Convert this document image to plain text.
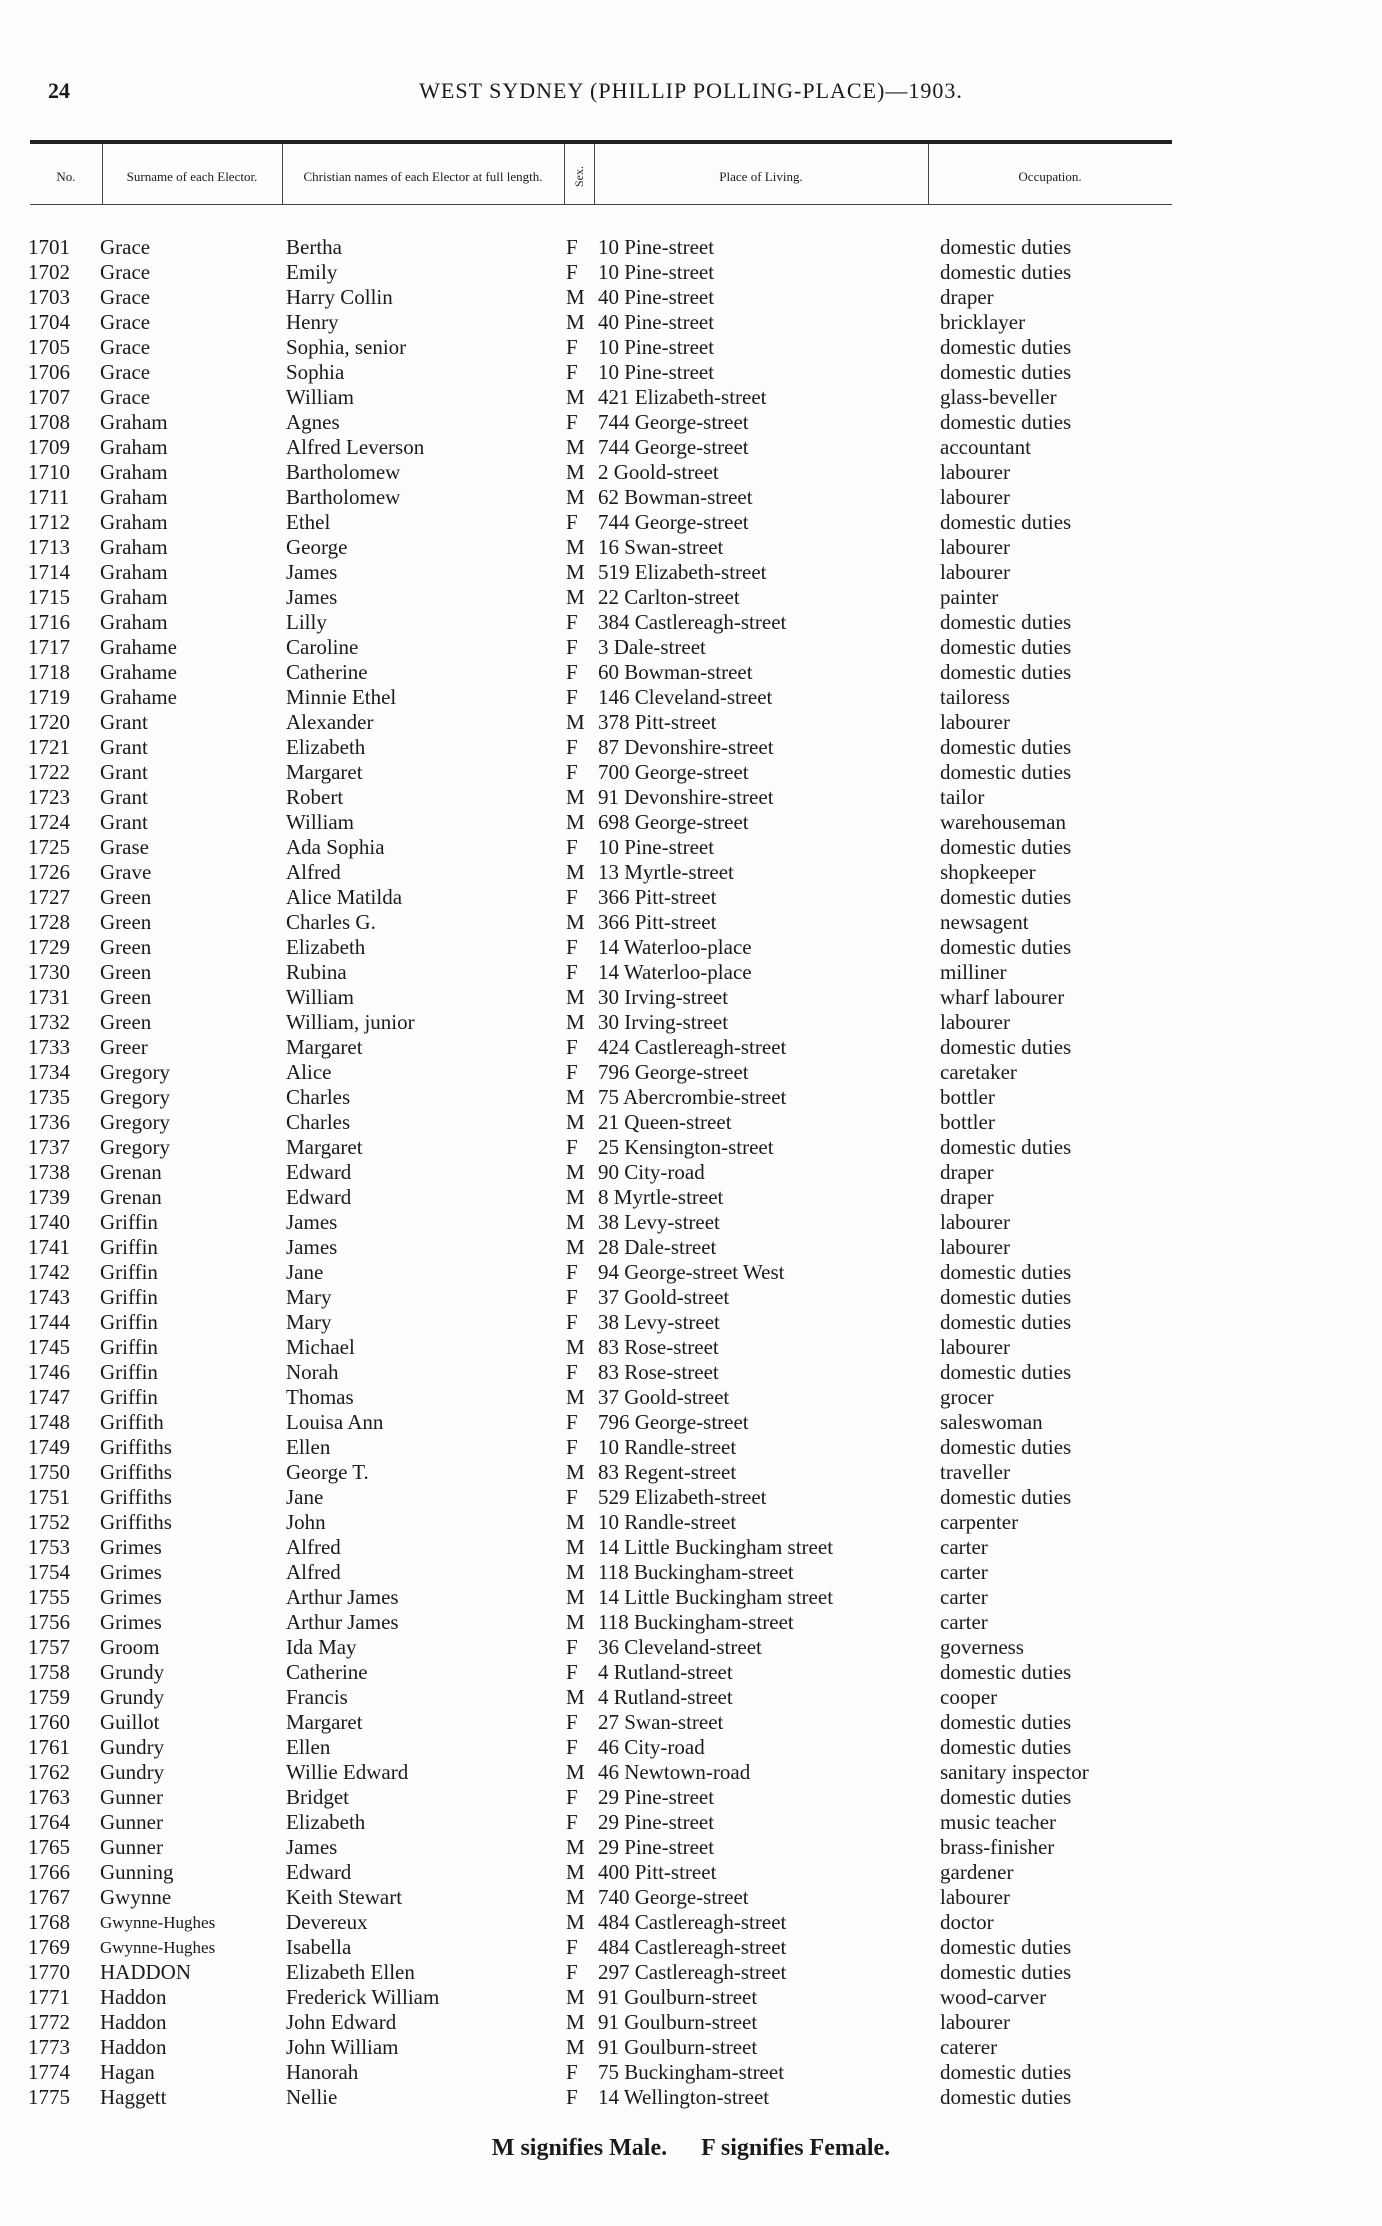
24	WEST SYDNEY (PHILLIP POLLING-PLACE)—1903.
No.	Surname of each Elector.	Christian names of each Elector at full length.	Sex.	Place of Living.	Occupation.
1701	Grace	Bertha	F 10 Pine-street	domestic duties
1702	Grace	Emily	F 10 Pine-street	domestic duties
1703	Grace	Harry Collin	M 40 Pine-street	draper
1704	Grace	Henry	M 40 Pine-street	bricklayer
1705	Grace	Sophia, senior	F 10 Pine-street	domestic duties
1706	Grace	Sophia	F 10 Pine-street	domestic duties
1707	Grace	William	M 421 Elizabeth-street	glass-beveller
1708	Graham	Agnes	F 744 George-street	domestic duties
1709	Graham	Alfred Leverson	M 744 George-street	accountant
1710	Graham	Bartholomew	M 2 Goold-street	labourer
1711	Graham	Bartholomew	M 62 Bowman-street	labourer
1712	Graham	Ethel	F 744 George-street	domestic duties
1713	Graham	George	M 16 Swan-street	labourer
1714	Graham	James	M 519 Elizabeth-street	labourer
1715	Graham	James	M 22 Carlton-street	painter
1716	Graham	Lilly	F 384 Castlereagh-street	domestic duties
1717	Grahame	Caroline	F 3 Dale-street	domestic duties
1718	Grahame	Catherine	F 60 Bowman-street	domestic duties
1719	Grahame	Minnie Ethel	F 146 Cleveland-street	tailoress
1720	Grant	Alexander	M 378 Pitt-street	labourer
1721	Grant	Elizabeth	F 87 Devonshire-street	domestic duties
1722	Grant	Margaret	F 700 George-street	domestic duties
1723	Grant	Robert	M 91 Devonshire-street	tailor
1724	Grant	William	M 698 George-street	warehouseman
1725	Grase	Ada Sophia	F 10 Pine-street	domestic duties
1726	Grave	Alfred	M 13 Myrtle-street	shopkeeper
1727	Green	Alice Matilda	F 366 Pitt-street	domestic duties
1728	Green	Charles G.	M 366 Pitt-street	newsagent
1729	Green	Elizabeth	F 14 Waterloo-place	domestic duties
1730	Green	Rubina	F 14 Waterloo-place	milliner
1731	Green	William	M 30 Irving-street	wharf labourer
1732	Green	William, junior	M 30 Irving-street	labourer
1733	Greer	Margaret	F 424 Castlereagh-street	domestic duties
1734	Gregory	Alice	F 796 George-street	caretaker
1735	Gregory	Charles	M 75 Abercrombie-street	bottler
1736	Gregory	Charles	M 21 Queen-street	bottler
1737	Gregory	Margaret	F 25 Kensington-street	domestic duties
1738	Grenan	Edward	M 90 City-road	draper
1739	Grenan	Edward	M 8 Myrtle-street	draper
1740	Griffin	James	M 38 Levy-street	labourer
1741	Griffin	James	M 28 Dale-street	labourer
1742	Griffin	Jane	F 94 George-street West	domestic duties
1743	Griffin	Mary	F 37 Goold-street	domestic duties
1744	Griffin	Mary	F 38 Levy-street	domestic duties
1745	Griffin	Michael	M 83 Rose-street	labourer
1746	Griffin	Norah	F 83 Rose-street	domestic duties
1747	Griffin	Thomas	M 37 Goold-street	grocer
1748	Griffith	Louisa Ann	F 796 George-street	saleswoman
1749	Griffiths	Ellen	F 10 Randle-street	domestic duties
1750	Griffiths	George T.	M 83 Regent-street	traveller
1751	Griffiths	Jane	F 529 Elizabeth-street	domestic duties
1752	Griffiths	John	M 10 Randle-street	carpenter
1753	Grimes	Alfred	M 14 Little Buckingham street	carter
1754	Grimes	Alfred	M 118 Buckingham-street	carter
1755	Grimes	Arthur James	M 14 Little Buckingham street	carter
1756	Grimes	Arthur James	M 118 Buckingham-street	carter
1757	Groom	Ida May	F 36 Cleveland-street	governess
1758	Grundy	Catherine	F 4 Rutland-street	domestic duties
1759	Grundy	Francis	M 4 Rutland-street	cooper
1760	Guillot	Margaret	F 27 Swan-street	domestic duties
1761	Gundry	Ellen	F 46 City-road	domestic duties
1762	Gundry	Willie Edward	M 46 Newtown-road	sanitary inspector
1763	Gunner	Bridget	F 29 Pine-street	domestic duties
1764	Gunner	Elizabeth	F 29 Pine-street	music teacher
1765	Gunner	James	M 29 Pine-street	brass-finisher
1766	Gunning	Edward	M 400 Pitt-street	gardener
1767	Gwynne	Keith Stewart	M 740 George-street	labourer
1768	Gwynne-Hughes	Devereux	M 484 Castlereagh-street	doctor
1769	Gwynne-Hughes	Isabella	F 484 Castlereagh-street	domestic duties
1770	HADDON	Elizabeth Ellen	F 297 Castlereagh-street	domestic duties
1771	Haddon	Frederick William	M 91 Goulburn-street	wood-carver
1772	Haddon	John Edward	M 91 Goulburn-street	labourer
1773	Haddon	John William	M 91 Goulburn-street	caterer
1774	Hagan	Hanorah	F 75 Buckingham-street	domestic duties
1775	Haggett	Nellie	F 14 Wellington-street	domestic duties
M signifies Male. F signifies Female.
